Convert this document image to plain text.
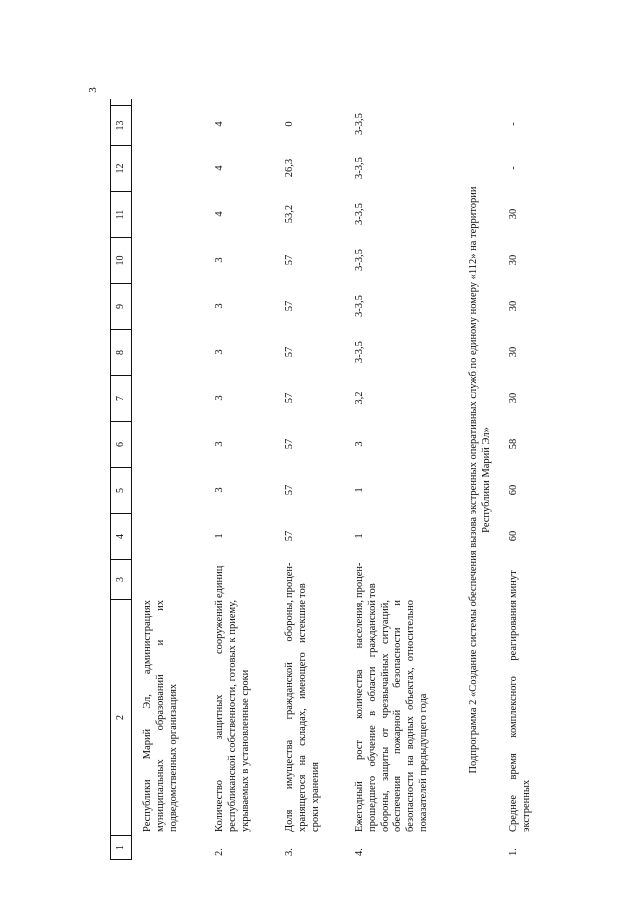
3
1
2
3
4
5
6
7
8
9
10
11
12
13
Республики Марий Эл, администрациях муниципальных образований и их подведомственных организациях
2.
Количество защитных сооружений республиканской собственности, готовых к приему, укрываемых в установленные сроки
единиц
1
3
3
3
3
3
3
4
4
4
3.
Доля имущества гражданской обороны, хранящегося на складах, имеющего истекшие сроки хранения
процен-тов
57
57
57
57
57
57
57
53,2
26,3
0
4.
Ежегодный рост количества населения, прошедшего обучение в области гражданской обороны, защиты от чрезвычайных ситуаций, обеспечения пожарной безопасности и безопасности на водных объектах, относительно показателей предыдущего года
процен-тов
1
1
3
3,2
3-3,5
3-3,5
3-3,5
3-3,5
3-3,5
3-3,5
Подпрограмма 2 «Создание системы обеспечения вызова экстренных оперативных служб по единому номеру «112» на территории Республики Марий Эл»
1.
Среднее время комплексного реагирования экстренных
минут
60
60
58
30
30
30
30
30
-
-
